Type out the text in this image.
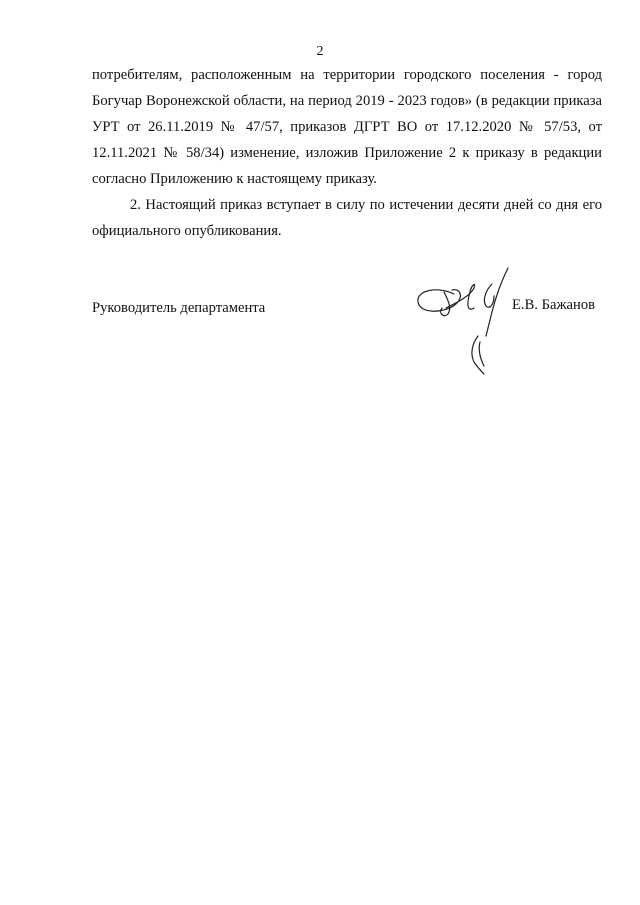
2

потребителям, расположенным на территории городского поселения - город Богучар Воронежской области, на период 2019 - 2023 годов» (в редакции приказа УРТ от 26.11.2019 № 47/57, приказов ДГРТ ВО от 17.12.2020 № 57/53, от 12.11.2021 № 58/34) изменение, изложив Приложение 2 к приказу в редакции согласно Приложению к настоящему приказу.

2. Настоящий приказ вступает в силу по истечении десяти дней со дня его официального опубликования.

Руководитель департамента	Е.В. Бажанов
